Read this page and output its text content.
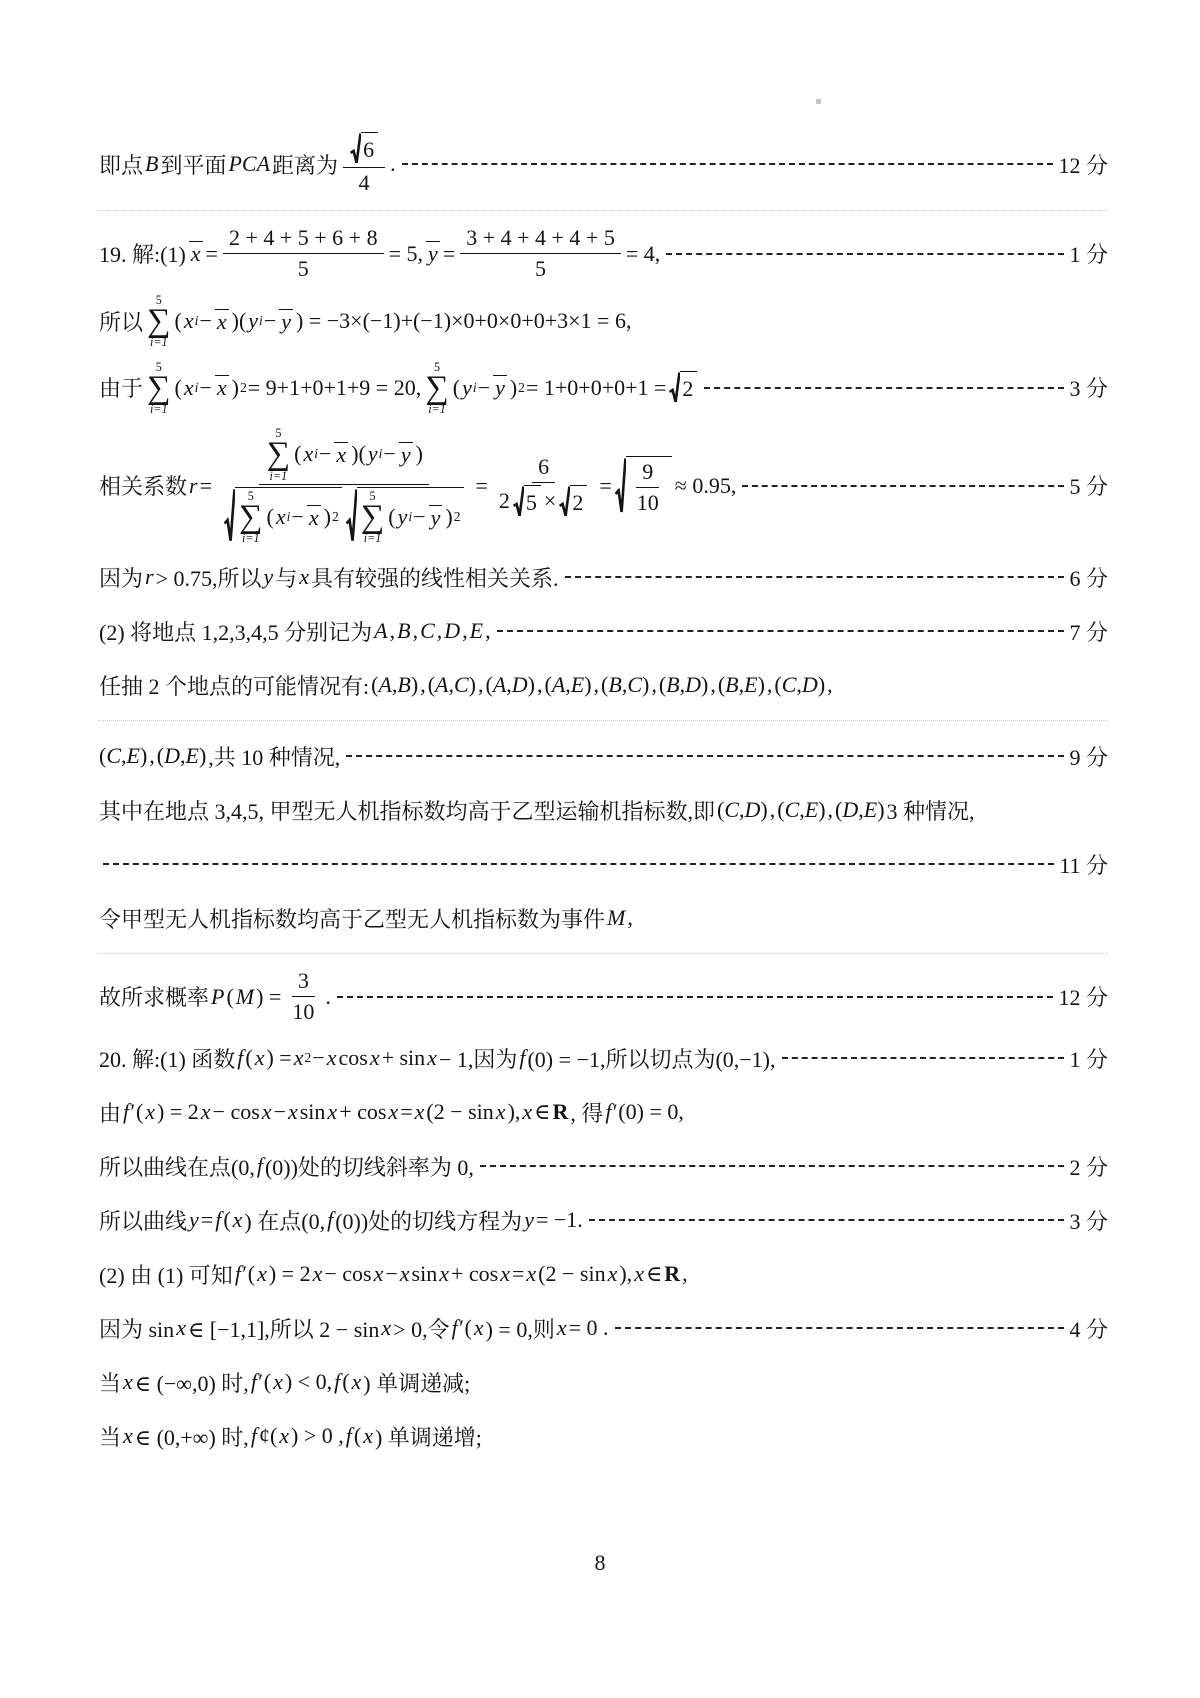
即点 B 到平面 PCA 距离为 $\frac{6}{4}$ .	12 分
19. 解:(1) $x = \frac{2 + 4 + 5 + 6 + 8}{5} = 5$, $y = \frac{3 + 4 + 4 + 4 + 5}{5} = 4$,	1 分
所以
5
∑
i=1
( x i − x )( y i − y ) = −3×(−1)+(−1)×0+0×0+0+3×1 = 6,
由于
5
∑
i=1
( x i − x ) 2 = 9+1+0+1+9 = 20,
5
∑
i=1
( y i − y ) 2 = 1+0+0+0+1 = 2	3 分
相关系数 r = 5
∑
i=1
( x i − x )( y i − y )
5
∑
i=1
( x i − x ) 2
5
∑
i=1
( y i − y ) $2 = \frac{6}{2 5 \times 2} = \frac{9}{10} \approx 0.95$,	5 分
因为 r > 0.75,所以 y 与 x 具有较强的线性相关关系.	6 分
(2) 将地点 1,2,3,4,5 分别记为 A , B , C , D , E ,	7 分
任抽 2 个地点的可能情况有: (A,B) , (A,C) , (A,D) , (A,E) , (B,C) , (B,D) , (B,E) , (C,D) ,
(C,E) , (D,E) ,共 10 种情况,	9 分
其中在地点 3,4,5, 甲型无人机指标数均高于乙型运输机指标数,即 (C,D) , (C,E) , (D,E) 3 种情况,
11 分
令甲型无人机指标数均高于乙型无人机指标数为事件 M ,
故所求概率 P ( M ) = $\frac{3}{10}$ .	12 分
20. 解:(1) 函数 f ( x ) = x 2 − x cos x + sin x − 1,因为 f (0) = −1,所以切点为(0,−1),	1 分
由 f′ ( x ) = 2 x − cos x − x sin x + cos x = x (2 − sin x ), x ∈ R , 得 f′ (0) = 0,
所以曲线在点(0, f (0))处的切线斜率为 0,	2 分
所以曲线 y = f ( x ) 在点(0, f (0))处的切线方程为 y = −1.	3 分
(2) 由 (1) 可知 f′ ( x ) = 2 x − cos x − x sin x + cos x = x (2 − sin x ), x ∈ R ,
因为 sin x ∈ [−1,1],所以 2 − sin x > 0,令 f′ ( x ) = 0,则 x = 0 .	4 分
当 x ∈ (−∞,0) 时, f′ ( x ) < 0, f ( x ) 单调递减;
当 x ∈ (0,+∞) 时, f ¢( x ) > 0 , f ( x ) 单调递增;
8
